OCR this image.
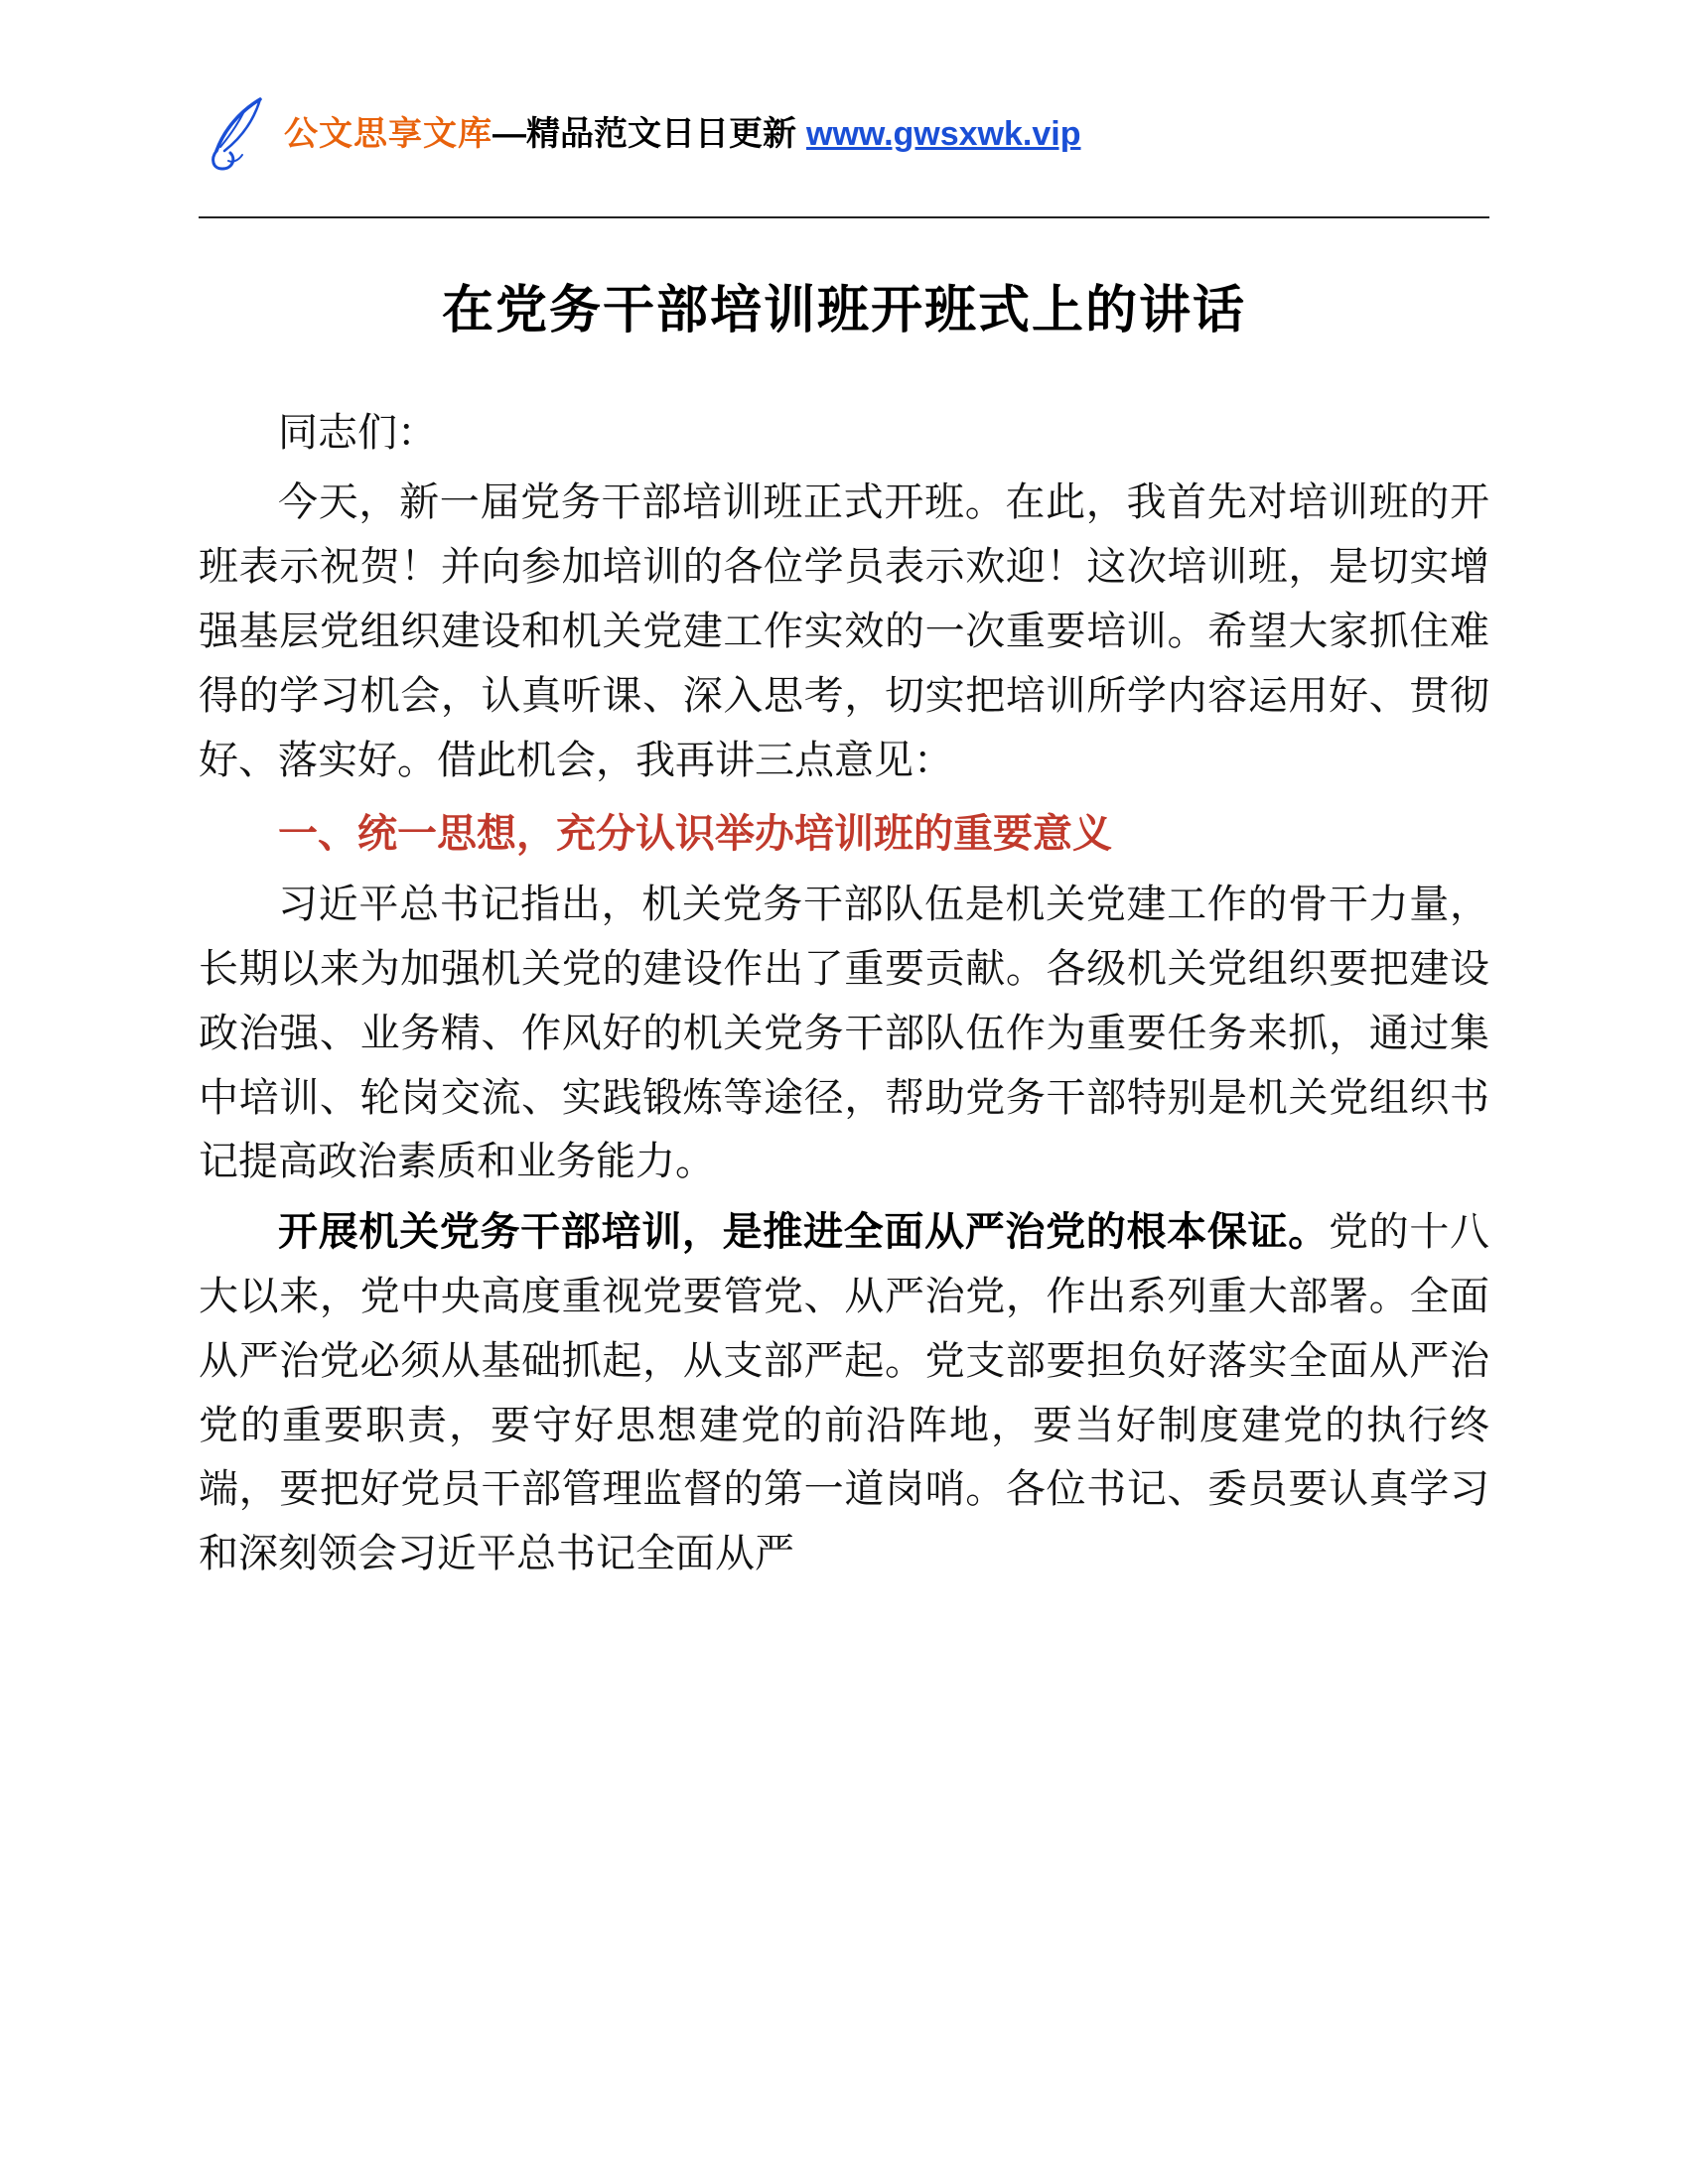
公文思享文库 —精品范文日日更新 www.gwsxwk.vip
在党务干部培训班开班式上的讲话

同志们：

今天，新一届党务干部培训班正式开班。在此，我首先对培训班的开班表示祝贺！并向参加培训的各位学员表示欢迎！这次培训班，是切实增强基层党组织建设和机关党建工作实效的一次重要培训。希望大家抓住难得的学习机会，认真听课、深入思考，切实把培训所学内容运用好、贯彻好、落实好。借此机会，我再讲三点意见：

一、统一思想，充分认识举办培训班的重要意义

习近平总书记指出，机关党务干部队伍是机关党建工作的骨干力量，长期以来为加强机关党的建设作出了重要贡献。各级机关党组织要把建设政治强、业务精、作风好的机关党务干部队伍作为重要任务来抓，通过集中培训、轮岗交流、实践锻炼等途径，帮助党务干部特别是机关党组织书记提高政治素质和业务能力。

开展机关党务干部培训，是推进全面从严治党的根本保证。党的十八大以来，党中央高度重视党要管党、从严治党，作出系列重大部署。全面从严治党必须从基础抓起，从支部严起。党支部要担负好落实全面从严治党的重要职责，要守好思想建党的前沿阵地，要当好制度建党的执行终端，要把好党员干部管理监督的第一道岗哨。各位书记、委员要认真学习和深刻领会习近平总书记全面从严
